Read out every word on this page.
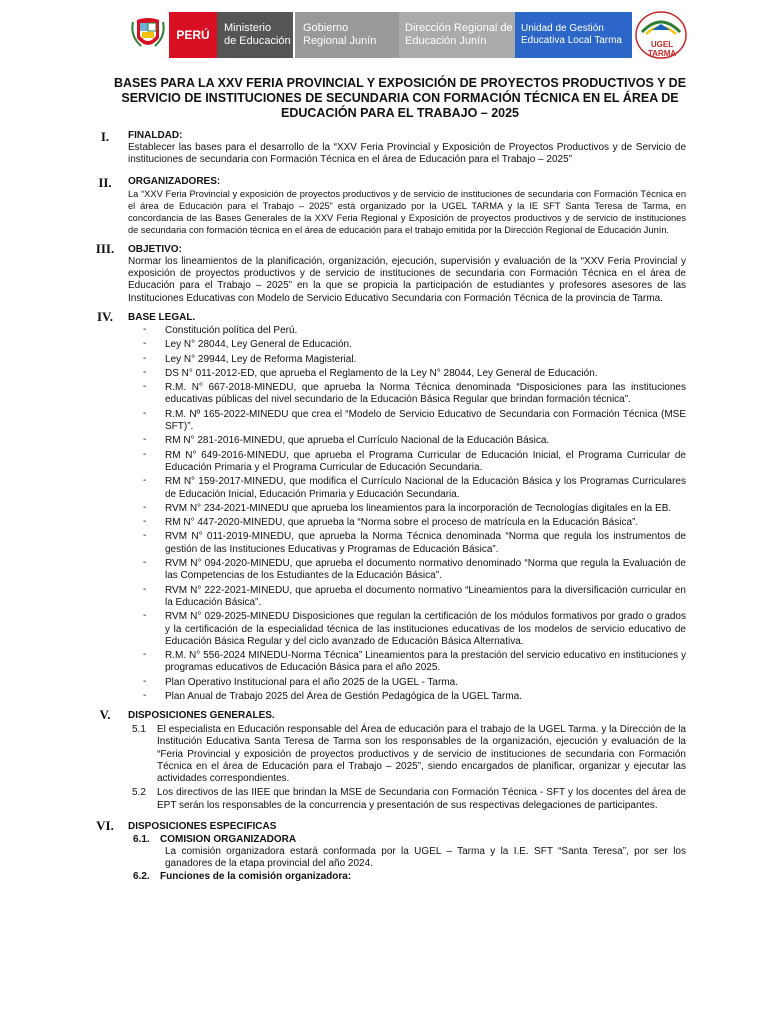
PERÚ Ministerio
de Educación
Gobierno
Regional Junín
Dirección Regional de
Educación Junín
Unidad de Gestión
Educativa Local Tarma	UGEL TARMA
BASES PARA LA XXV FERIA PROVINCIAL Y EXPOSICIÓN DE PROYECTOS PRODUCTIVOS Y DE SERVICIO DE INSTITUCIONES DE SECUNDARIA CON FORMACIÓN TÉCNICA EN EL ÁREA DE EDUCACIÓN PARA EL TRABAJO – 2025
I.	FINALDAD:
Establecer las bases para el desarrollo de la “XXV Feria Provincial y Exposición de Proyectos Productivos y de Servicio de instituciones de secundaria con Formación Técnica en el área de Educación para el Trabajo – 2025”
II.	ORGANIZADORES:
La “XXV Feria Provincial y exposición de proyectos productivos y de servicio de instituciones de secundaria con Formación Técnica en el área de Educación para el Trabajo – 2025” está organizado por la UGEL TARMA y la IE SFT Santa Teresa de Tarma, en concordancia de las Bases Generales de la XXV Feria Regional y Exposición de proyectos productivos y de servicio de instituciones de secundaria con formación técnica en el área de educación para el trabajo emitida por la Dirección Regional de Educación Junín.
III.	OBJETIVO:
Normar los lineamientos de la planificación, organización, ejecución, supervisión y evaluación de la “XXV Feria Provincial y exposición de proyectos productivos y de servicio de instituciones de secundaria con Formación Técnica en el área de Educación para el Trabajo – 2025” en la que se propicia la participación de estudiantes y profesores asesores de las Instituciones Educativas con Modelo de Servicio Educativo Secundaria con Formación Técnica de la provincia de Tarma.
IV.	BASE LEGAL.
- Constitución política del Perú.
- Ley N° 28044, Ley General de Educación.
- Ley N° 29944, Ley de Reforma Magisterial.
- DS N° 011-2012-ED, que aprueba el Reglamento de la Ley N° 28044, Ley General de Educación.
- R.M. N° 667-2018-MINEDU, que aprueba la Norma Técnica denominada “Disposiciones para las instituciones educativas públicas del nivel secundario de la Educación Básica Regular que brindan formación técnica”.
- R.M. Nº 165-2022-MINEDU que crea el “Modelo de Servicio Educativo de Secundaria con Formación Técnica (MSE SFT)”.
- RM N° 281-2016-MINEDU, que aprueba el Currículo Nacional de la Educación Básica.
- RM N° 649-2016-MINEDU, que aprueba el Programa Curricular de Educación Inicial, el Programa Curricular de Educación Primaria y el Programa Curricular de Educación Secundaria.
- RM N° 159-2017-MINEDU, que modifica el Currículo Nacional de la Educación Básica y los Programas Curriculares de Educación Inicial, Educación Primaria y Educación Secundaria.
- RVM N° 234-2021-MINEDU que aprueba los lineamientos para la incorporación de Tecnologías digitales en la EB.
- RM N° 447-2020-MINEDU, que aprueba la “Norma sobre el proceso de matrícula en la Educación Básica”.
- RVM N° 011-2019-MINEDU, que aprueba la Norma Técnica denominada “Norma que regula los instrumentos de gestión de las Instituciones Educativas y Programas de Educación Básica”.
- RVM N° 094-2020-MINEDU, que aprueba el documento normativo denominado “Norma que regula la Evaluación de las Competencias de los Estudiantes de la Educación Básica”.
- RVM N° 222-2021-MINEDU, que aprueba el documento normativo “Lineamientos para la diversificación curricular en la Educación Básica”.
- RVM N° 029-2025-MINEDU Disposiciones que regulan la certificación de los módulos formativos por grado o grados y la certificación de la especialidad técnica de las instituciones educativas de los modelos de servicio educativo de Educación Básica Regular y del ciclo avanzado de Educación Básica Alternativa.
- R.M. N° 556-2024 MINEDU-Norma Técnica” Lineamientos para la prestación del servicio educativo en instituciones y programas educativos de Educación Básica para el año 2025.
- Plan Operativo Institucional para el año 2025 de la UGEL - Tarma.
- Plan Anual de Trabajo 2025 del Área de Gestión Pedagógica de la UGEL Tarma.
V.	DISPOSICIONES GENERALES.
5.1 El especialista en Educación responsable del Área de educación para el trabajo de la UGEL Tarma. y la Dirección de la Institución Educativa Santa Teresa de Tarma son los responsables de la organización, ejecución y evaluación de la “Feria Provincial y exposición de proyectos productivos y de servicio de instituciones de secundaria con Formación Técnica en el área de Educación para el Trabajo – 2025”, siendo encargados de planificar, organizar y ejecutar las actividades correspondientes.
5.2 Los directivos de las IIEE que brindan la MSE de Secundaria con Formación Técnica - SFT y los docentes del área de EPT serán los responsables de la concurrencia y presentación de sus respectivas delegaciones de participantes.
VI.	DISPOSICIONES ESPECIFICAS
6.1. COMISION ORGANIZADORA
La comisión organizadora estará conformada por la UGEL – Tarma y la I.E. SFT “Santa Teresa”, por ser los ganadores de la etapa provincial del año 2024.
6.2. Funciones de la comisión organizadora:
